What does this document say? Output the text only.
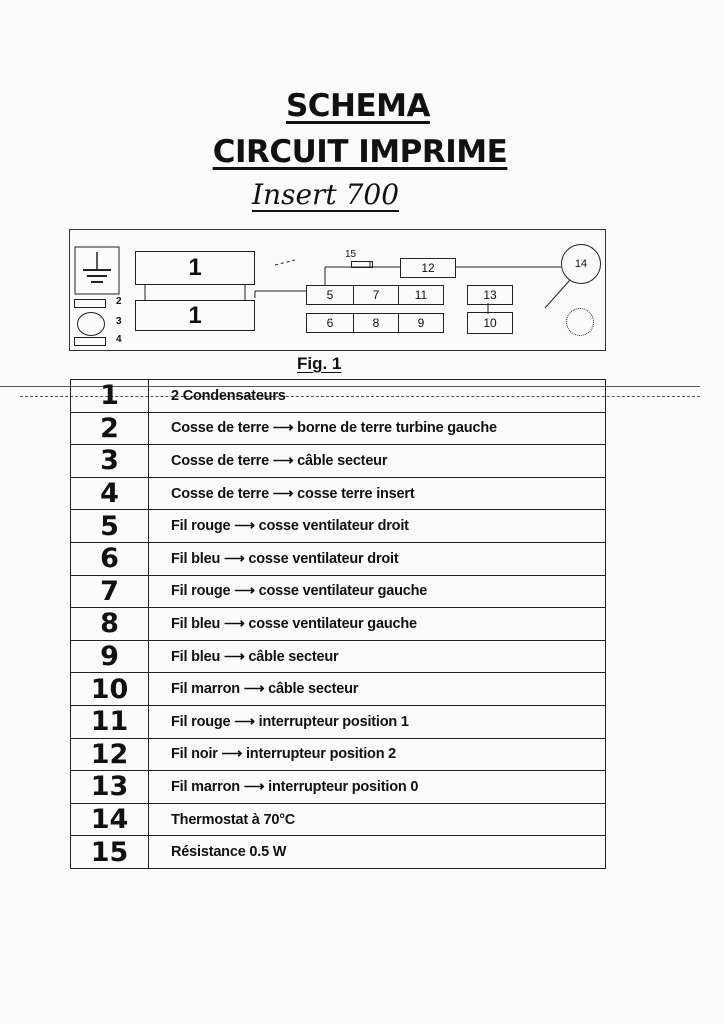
SCHEMA
CIRCUIT IMPRIME
Insert 700
1
1
2
3
4
5
6
7
8	9	10
11
12
13
15
14
Fig. 1
1	2 Condensateurs
2	Cosse de terre ⟶ borne de terre turbine gauche
3	Cosse de terre ⟶ câble secteur
4	Cosse de terre ⟶ cosse terre insert
5	Fil rouge ⟶ cosse ventilateur droit
6	Fil bleu ⟶ cosse ventilateur droit
7	Fil rouge ⟶ cosse ventilateur gauche
8	Fil bleu ⟶ cosse ventilateur gauche
9	Fil bleu ⟶ câble secteur
10	Fil marron ⟶ câble secteur
11	Fil rouge ⟶ interrupteur position 1
12	Fil noir ⟶ interrupteur position 2
13	Fil marron ⟶ interrupteur position 0
14	Thermostat à 70°C
15	Résistance 0.5 W
